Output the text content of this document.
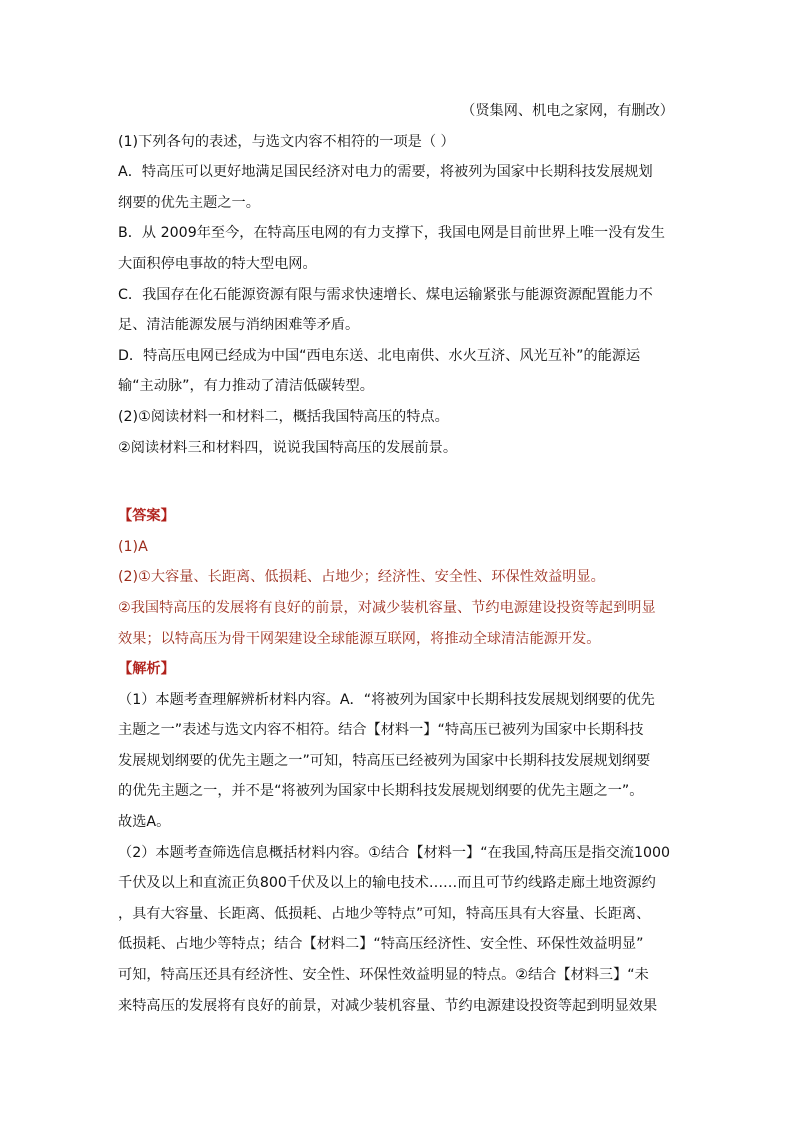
（贤集网、机电之家网，有删改）
(1)下列各句的表述，与选文内容不相符的一项是（ ）
A．特高压可以更好地满足国民经济对电力的需要，将被列为国家中长期科技发展规划
纲要的优先主题之一。
B．从 2009年至今，在特高压电网的有力支撑下，我国电网是目前世界上唯一没有发生
大面积停电事故的特大型电网。
C．我国存在化石能源资源有限与需求快速增长、煤电运输紧张与能源资源配置能力不
足、清洁能源发展与消纳困难等矛盾。
D．特高压电网已经成为中国“西电东送、北电南供、水火互济、风光互补”的能源运
输“主动脉”，有力推动了清洁低碳转型。
(2)①阅读材料一和材料二，概括我国特高压的特点。
②阅读材料三和材料四，说说我国特高压的发展前景。
【答案】
(1)A
(2)①大容量、长距离、低损耗、占地少；经济性、安全性、环保性效益明显。
②我国特高压的发展将有良好的前景，对减少装机容量、节约电源建设投资等起到明显
效果；以特高压为骨干网架建设全球能源互联网，将推动全球清洁能源开发。
【解析】
（1）本题考查理解辨析材料内容。A．“将被列为国家中长期科技发展规划纲要的优先
主题之一”表述与选文内容不相符。结合【材料一】“特高压已被列为国家中长期科技
发展规划纲要的优先主题之一”可知，特高压已经被列为国家中长期科技发展规划纲要
的优先主题之一，并不是“将被列为国家中长期科技发展规划纲要的优先主题之一”。
故选A。
（2）本题考查筛选信息概括材料内容。①结合【材料一】“在我国,特高压是指交流1000
千伏及以上和直流正负800千伏及以上的输电技术……而且可节约线路走廊土地资源约
，具有大容量、长距离、低损耗、占地少等特点”可知，特高压具有大容量、长距离、
低损耗、占地少等特点；结合【材料二】“特高压经济性、安全性、环保性效益明显”
可知，特高压还具有经济性、安全性、环保性效益明显的特点。②结合【材料三】“未
来特高压的发展将有良好的前景，对减少装机容量、节约电源建设投资等起到明显效果
